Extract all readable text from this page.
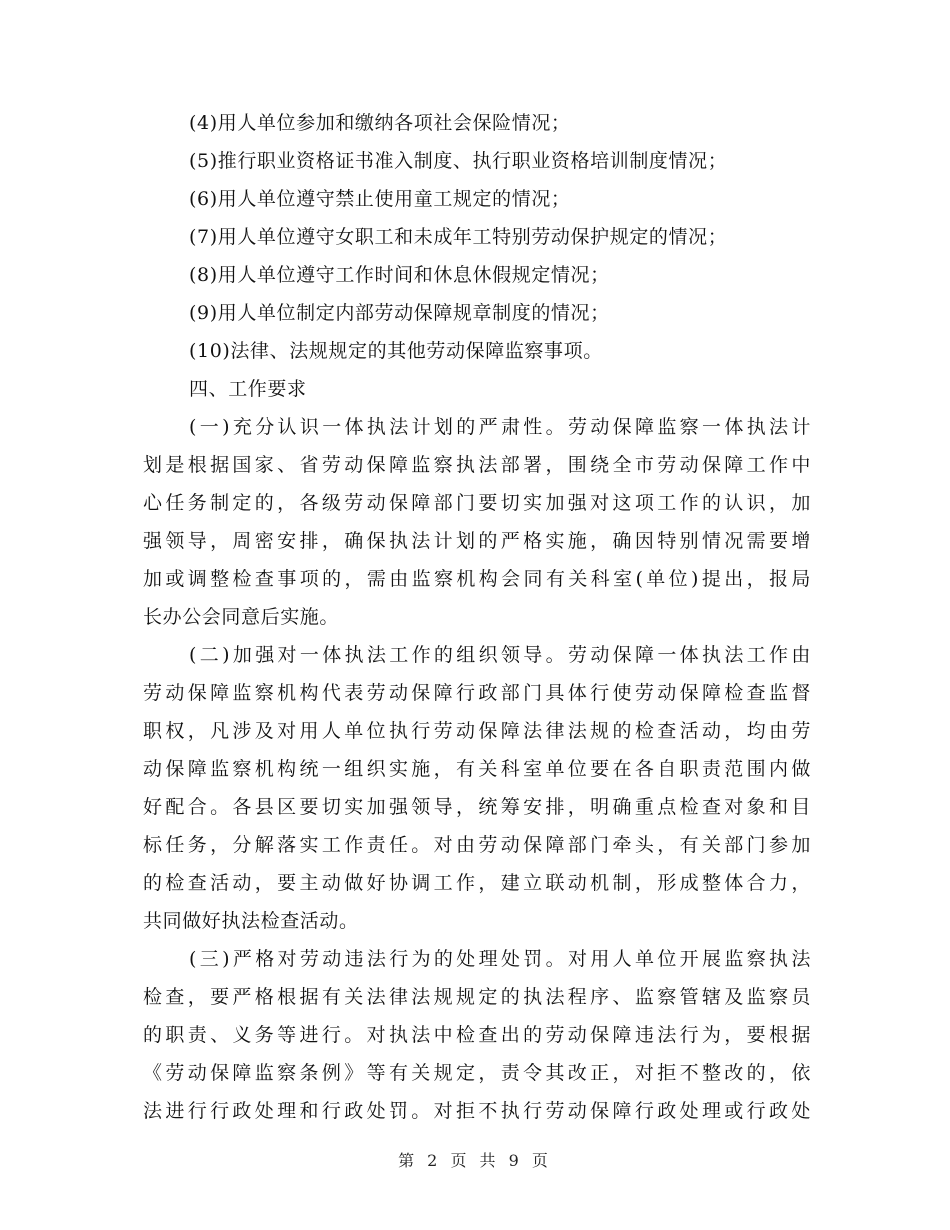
(4)用人单位参加和缴纳各项社会保险情况；
(5)推行职业资格证书准入制度、执行职业资格培训制度情况；
(6)用人单位遵守禁止使用童工规定的情况；
(7)用人单位遵守女职工和未成年工特别劳动保护规定的情况；
(8)用人单位遵守工作时间和休息休假规定情况；
(9)用人单位制定内部劳动保障规章制度的情况；
(10)法律、法规规定的其他劳动保障监察事项。
四、工作要求
(一)充分认识一体执法计划的严肃性。劳动保障监察一体执法计
划是根据国家、省劳动保障监察执法部署，围绕全市劳动保障工作中
心任务制定的，各级劳动保障部门要切实加强对这项工作的认识，加
强领导，周密安排，确保执法计划的严格实施，确因特别情况需要增
加或调整检查事项的，需由监察机构会同有关科室(单位)提出，报局
长办公会同意后实施。
(二)加强对一体执法工作的组织领导。劳动保障一体执法工作由
劳动保障监察机构代表劳动保障行政部门具体行使劳动保障检查监督
职权，凡涉及对用人单位执行劳动保障法律法规的检查活动，均由劳
动保障监察机构统一组织实施，有关科室单位要在各自职责范围内做
好配合。各县区要切实加强领导，统筹安排，明确重点检查对象和目
标任务，分解落实工作责任。对由劳动保障部门牵头，有关部门参加
的检查活动，要主动做好协调工作，建立联动机制，形成整体合力，
共同做好执法检查活动。
(三)严格对劳动违法行为的处理处罚。对用人单位开展监察执法
检查，要严格根据有关法律法规规定的执法程序、监察管辖及监察员
的职责、义务等进行。对执法中检查出的劳动保障违法行为，要根据
《劳动保障监察条例》等有关规定，责令其改正，对拒不整改的，依
法进行行政处理和行政处罚。对拒不执行劳动保障行政处理或行政处
第 2 页 共 9 页
